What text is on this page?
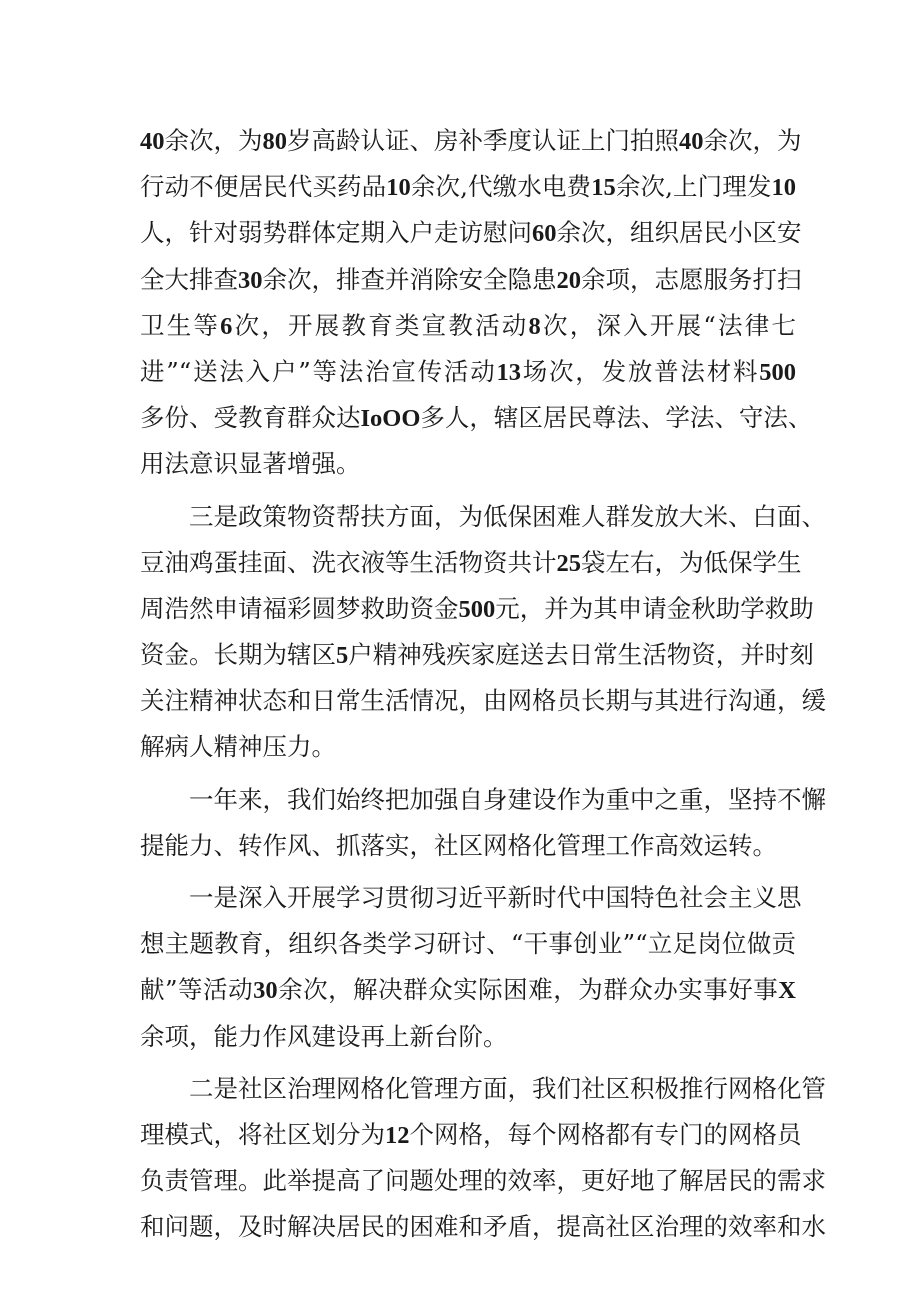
40余次，为80岁高龄认证、房补季度认证上门拍照40余次，为
行动不便居民代买药品10余次,代缴水电费15余次,上门理发10
人，针对弱势群体定期入户走访慰问60余次，组织居民小区安
全大排查30余次，排查并消除安全隐患20余项，志愿服务打扫
卫生等6次，开展教育类宣教活动8次，深入开展“法律七
进”“送法入户”等法治宣传活动13场次，发放普法材料500
多份、受教育群众达IoOO多人，辖区居民尊法、学法、守法、
用法意识显著增强。
三是政策物资帮扶方面，为低保困难人群发放大米、白面、
豆油鸡蛋挂面、洗衣液等生活物资共计25袋左右，为低保学生
周浩然申请福彩圆梦救助资金500元，并为其申请金秋助学救助
资金。长期为辖区5户精神残疾家庭送去日常生活物资，并时刻
关注精神状态和日常生活情况，由网格员长期与其进行沟通，缓
解病人精神压力。
一年来，我们始终把加强自身建设作为重中之重，坚持不懈
提能力、转作风、抓落实，社区网格化管理工作高效运转。
一是深入开展学习贯彻习近平新时代中国特色社会主义思
想主题教育，组织各类学习研讨、“干事创业”“立足岗位做贡
献”等活动30余次，解决群众实际困难，为群众办实事好事X
余项，能力作风建设再上新台阶。
二是社区治理网格化管理方面，我们社区积极推行网格化管
理模式，将社区划分为12个网格，每个网格都有专门的网格员
负责管理。此举提高了问题处理的效率，更好地了解居民的需求
和问题，及时解决居民的困难和矛盾，提高社区治理的效率和水
